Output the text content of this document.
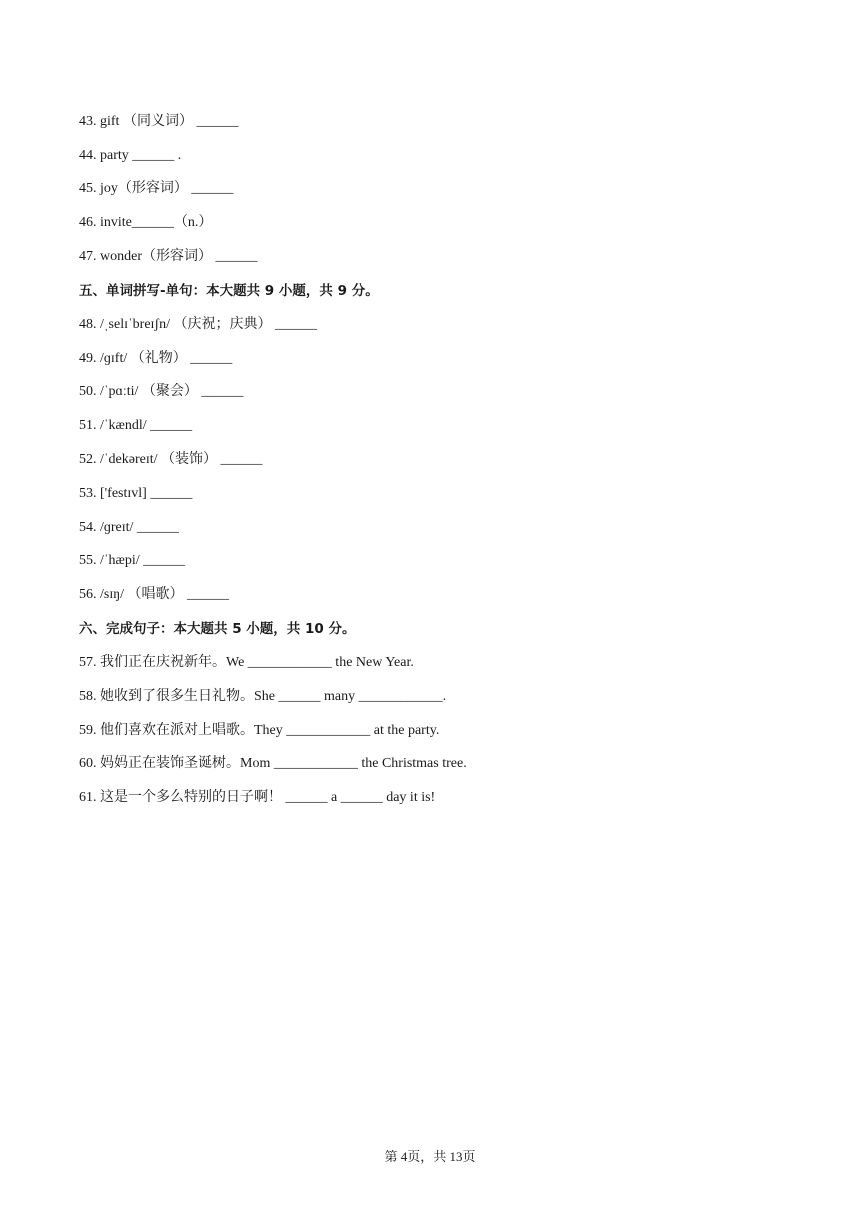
43. gift （同义词） ______
44. party ______ .
45. joy（形容词） ______
46. invite______（n.）
47. wonder（形容词） ______
五、单词拼写-单句：本大题共 9 小题，共 9 分。
48. /ˌselɪˈbreɪʃn/ （庆祝；庆典） ______
49. /ɡɪft/ （礼物） ______
50. /ˈpɑːti/ （聚会） ______
51. /ˈkændl/ ______
52. /ˈdekəreɪt/ （装饰） ______
53. ['festɪvl] ______
54. /ɡreɪt/ ______
55. /ˈhæpi/ ______
56. /sɪŋ/ （唱歌） ______
六、完成句子：本大题共 5 小题，共 10 分。
57. 我们正在庆祝新年。We ____________ the New Year.
58. 她收到了很多生日礼物。She ______ many ____________.
59. 他们喜欢在派对上唱歌。They ____________ at the party.
60. 妈妈正在装饰圣诞树。Mom ____________ the Christmas tree.
61. 这是一个多么特别的日子啊！ ______ a ______ day it is!
第 4页，共 13页
